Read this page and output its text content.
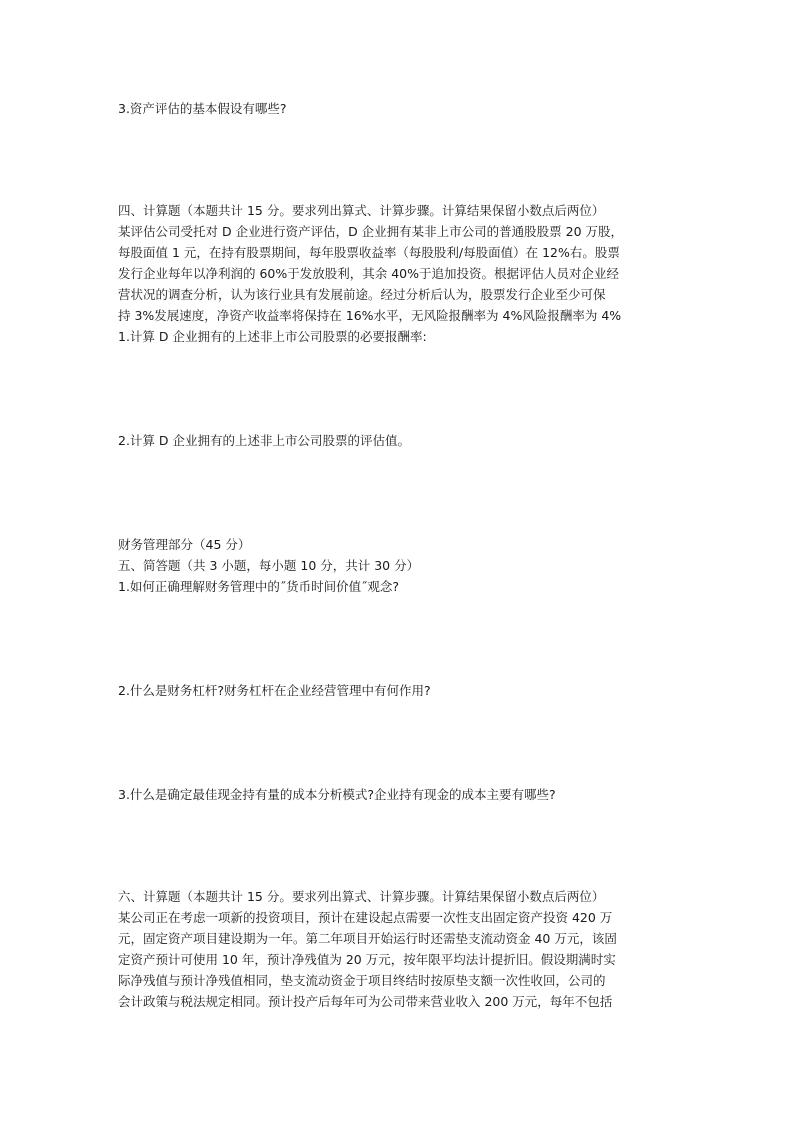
3.资产评估的基本假设有哪些?
四、计算题（本题共计 15 分。要求列出算式、计算步骤。计算结果保留小数点后两位）
某评估公司受托对 D 企业进行资产评估，D 企业拥有某非上市公司的普通股股票 20 万股，
每股面值 1 元，在持有股票期间，每年股票收益率（每股股利/每股面值）在 12%右。股票
发行企业每年以净利润的 60%于发放股利，其余 40%于追加投资。根据评估人员对企业经
营状况的调查分析，认为该行业具有发展前途。经过分析后认为，股票发行企业至少可保
持 3%发展速度，净资产收益率将保持在 16%水平，无风险报酬率为 4%风险报酬率为 4%
1.计算 D 企业拥有的上述非上市公司股票的必要报酬率:
2.计算 D 企业拥有的上述非上市公司股票的评估值。
财务管理部分（45 分）
五、简答题（共 3 小题，每小题 10 分，共计 30 分）
1.如何正确理解财务管理中的˝货币时间价值˝观念?
2.什么是财务杠杆?财务杠杆在企业经营管理中有何作用?
3.什么是确定最佳现金持有量的成本分析模式?企业持有现金的成本主要有哪些?
六、计算题（本题共计 15 分。要求列出算式、计算步骤。计算结果保留小数点后两位）
某公司正在考虑一项新的投资项目，预计在建设起点需要一次性支出固定资产投资 420 万
元，固定资产项目建设期为一年。第二年项目开始运行时还需垫支流动资金 40 万元，该固
定资产预计可使用 10 年，预计净残值为 20 万元，按年限平均法计提折旧。假设期满时实
际净残值与预计净残值相同，垫支流动资金于项目终结时按原垫支额一次性收回，公司的
会计政策与税法规定相同。预计投产后每年可为公司带来营业收入 200 万元，每年不包括
